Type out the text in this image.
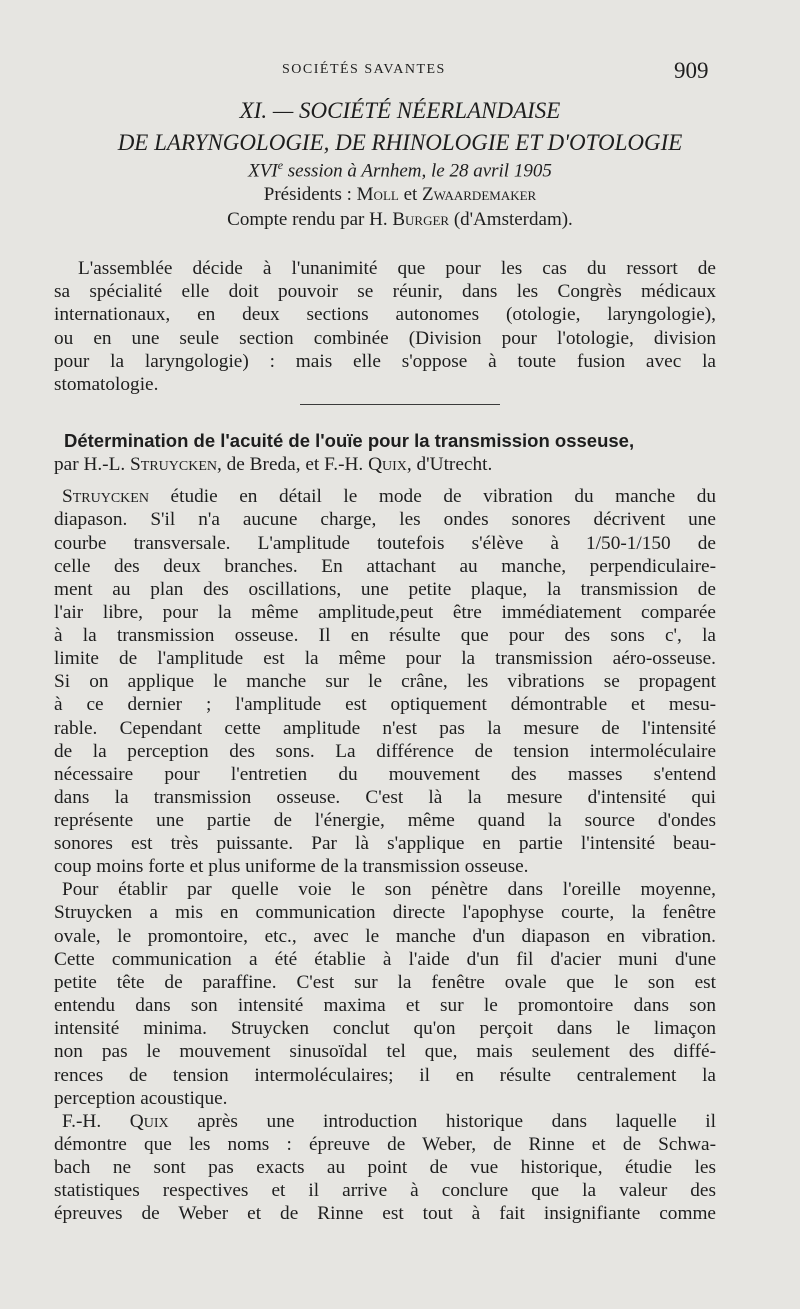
SOCIÉTÉS SAVANTES	909
XI. — SOCIÉTÉ NÉERLANDAISE
DE LARYNGOLOGIE, DE RHINOLOGIE ET D'OTOLOGIE
XVIe session à Arnhem, le 28 avril 1905
Présidents : Moll et Zwaardemaker
Compte rendu par H. Burger (d'Amsterdam).
L'assemblée décide à l'unanimité que pour les cas du ressort de
sa spécialité elle doit pouvoir se réunir, dans les Congrès médicaux
internationaux, en deux sections autonomes (otologie, laryngologie),
ou en une seule section combinée (Division pour l'otologie, division
pour la laryngologie) : mais elle s'oppose à toute fusion avec la
stomatologie.
Détermination de l'acuité de l'ouïe pour la transmission osseuse,
par H.-L. Struycken, de Breda, et F.-H. Quix, d'Utrecht.
Struycken étudie en détail le mode de vibration du manche du
diapason. S'il n'a aucune charge, les ondes sonores décrivent une
courbe transversale. L'amplitude toutefois s'élève à 1/50-1/150 de
celle des deux branches. En attachant au manche, perpendiculaire-
ment au plan des oscillations, une petite plaque, la transmission de
l'air libre, pour la même amplitude,peut être immédiatement comparée
à la transmission osseuse. Il en résulte que pour des sons c', la
limite de l'amplitude est la même pour la transmission aéro-osseuse.
Si on applique le manche sur le crâne, les vibrations se propagent
à ce dernier ; l'amplitude est optiquement démontrable et mesu-
rable. Cependant cette amplitude n'est pas la mesure de l'intensité
de la perception des sons. La différence de tension intermoléculaire
nécessaire pour l'entretien du mouvement des masses s'entend
dans la transmission osseuse. C'est là la mesure d'intensité qui
représente une partie de l'énergie, même quand la source d'ondes
sonores est très puissante. Par là s'applique en partie l'intensité beau-
coup moins forte et plus uniforme de la transmission osseuse.
Pour établir par quelle voie le son pénètre dans l'oreille moyenne,
Struycken a mis en communication directe l'apophyse courte, la fenêtre
ovale, le promontoire, etc., avec le manche d'un diapason en vibration.
Cette communication a été établie à l'aide d'un fil d'acier muni d'une
petite tête de paraffine. C'est sur la fenêtre ovale que le son est
entendu dans son intensité maxima et sur le promontoire dans son
intensité minima. Struycken conclut qu'on perçoit dans le limaçon
non pas le mouvement sinusoïdal tel que, mais seulement des diffé-
rences de tension intermoléculaires; il en résulte centralement la
perception acoustique.
F.-H. Quix après une introduction historique dans laquelle il
démontre que les noms : épreuve de Weber, de Rinne et de Schwa-
bach ne sont pas exacts au point de vue historique, étudie les
statistiques respectives et il arrive à conclure que la valeur des
épreuves de Weber et de Rinne est tout à fait insignifiante comme
